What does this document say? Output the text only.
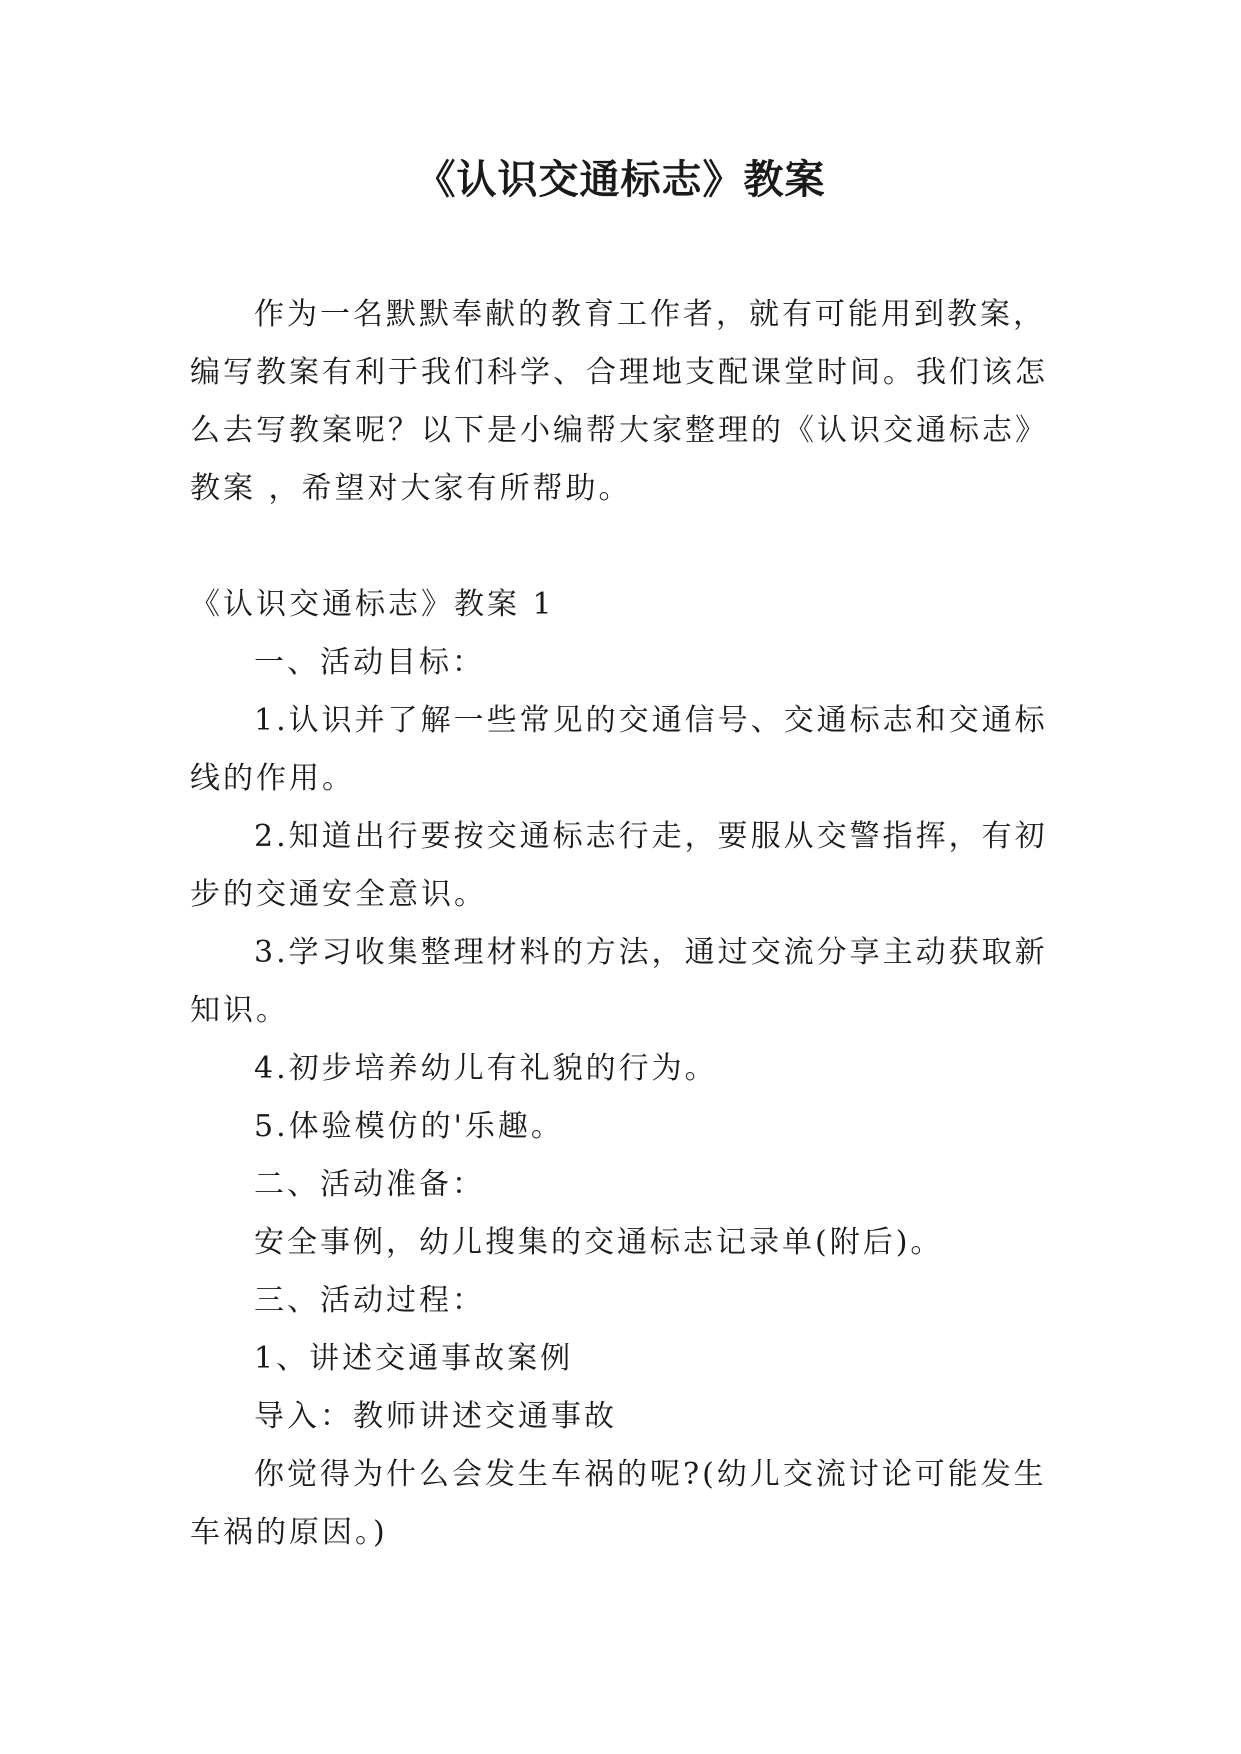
《认识交通标志》教案

作为一名默默奉献的教育工作者，就有可能用到教案，编写教案有利于我们科学、合理地支配课堂时间。我们该怎么去写教案呢？以下是小编帮大家整理的《认识交通标志》教案 ，希望对大家有所帮助。

《认识交通标志》教案 1

一、活动目标：

1.认识并了解一些常见的交通信号、交通标志和交通标线的作用。

2.知道出行要按交通标志行走，要服从交警指挥，有初步的交通安全意识。

3.学习收集整理材料的方法，通过交流分享主动获取新知识。

4.初步培养幼儿有礼貌的行为。

5.体验模仿的'乐趣。

二、活动准备：

安全事例，幼儿搜集的交通标志记录单(附后)。

三、活动过程：

1、讲述交通事故案例

导入：教师讲述交通事故

你觉得为什么会发生车祸的呢?(幼儿交流讨论可能发生车祸的原因。)
